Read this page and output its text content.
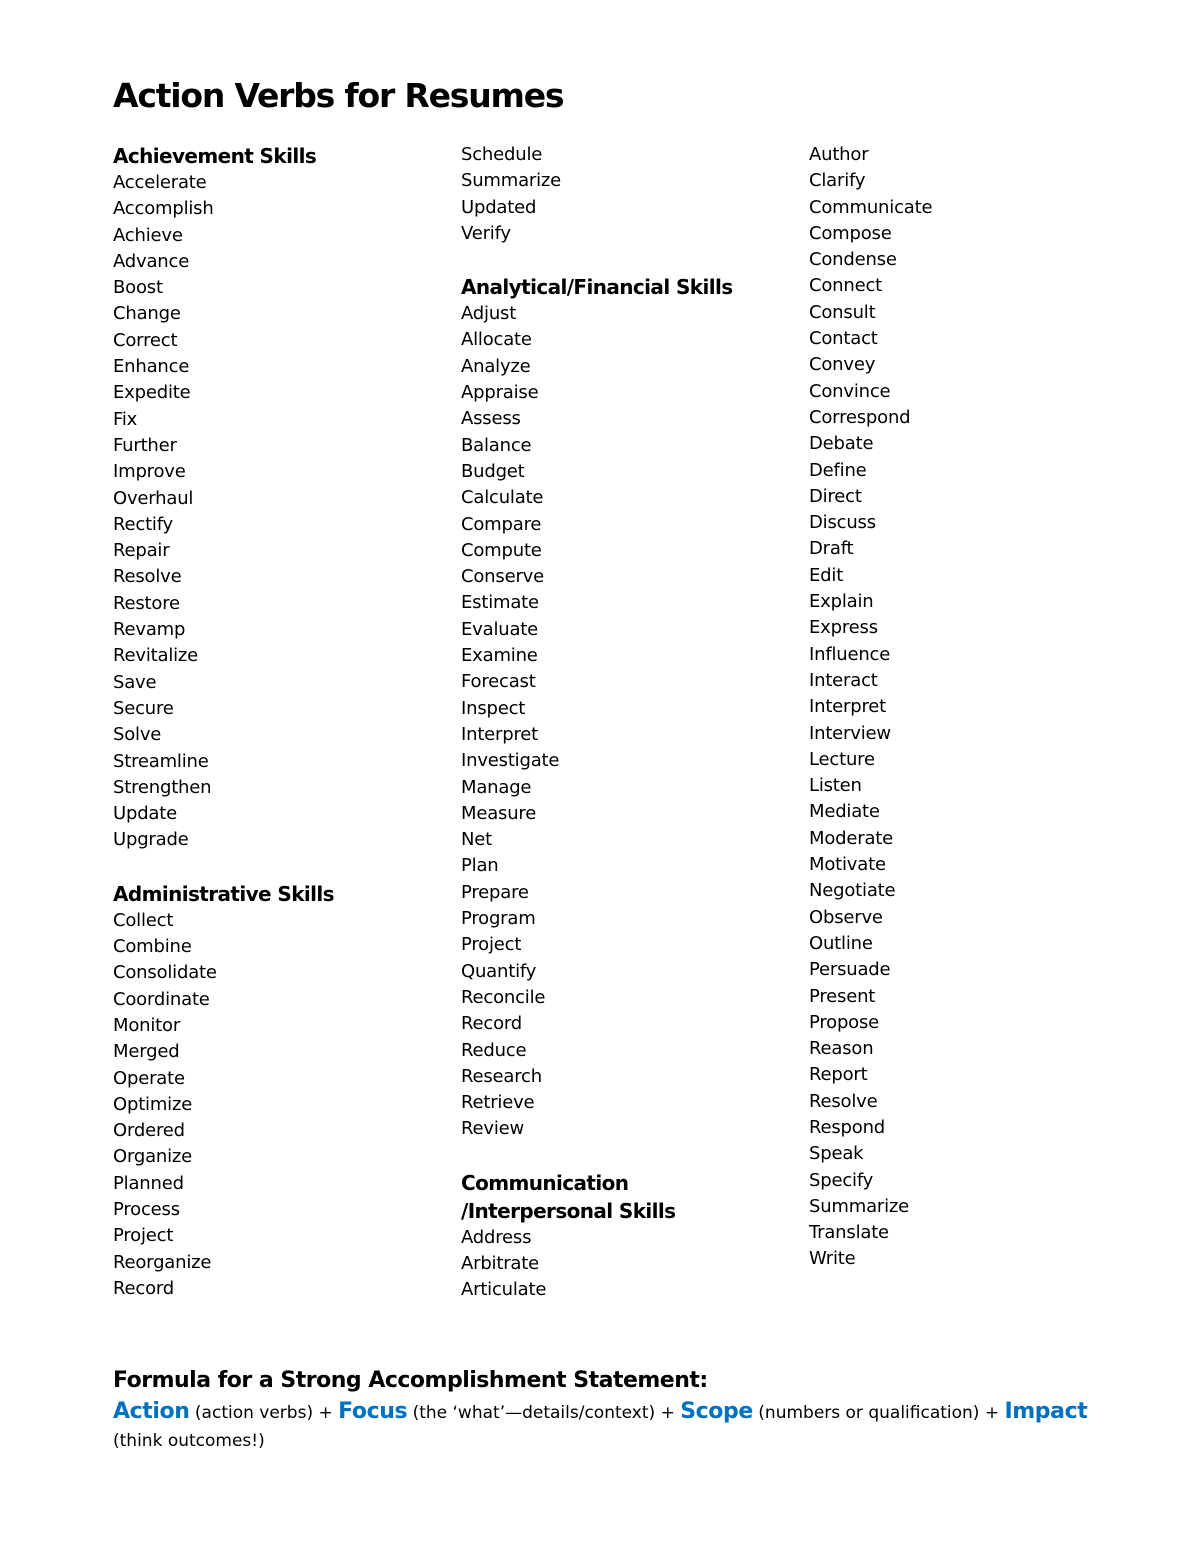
Action Verbs for Resumes
Achievement Skills
Accelerate
Accomplish
Achieve
Advance
Boost
Change
Correct
Enhance
Expedite
Fix
Further
Improve
Overhaul
Rectify
Repair
Resolve
Restore
Revamp
Revitalize
Save
Secure
Solve
Streamline
Strengthen
Update
Upgrade
Administrative Skills
Collect
Combine
Consolidate
Coordinate
Monitor
Merged
Operate
Optimize
Ordered
Organize
Planned
Process
Project
Reorganize
Record
Schedule
Summarize
Updated
Verify
Analytical/Financial Skills
Adjust
Allocate
Analyze
Appraise
Assess
Balance
Budget
Calculate
Compare
Compute
Conserve
Estimate
Evaluate
Examine
Forecast
Inspect
Interpret
Investigate
Manage
Measure
Net
Plan
Prepare
Program
Project
Quantify
Reconcile
Record
Reduce
Research
Retrieve
Review
Communication
/Interpersonal Skills
Address
Arbitrate
Articulate
Author
Clarify
Communicate
Compose
Condense
Connect
Consult
Contact
Convey
Convince
Correspond
Debate
Define
Direct
Discuss
Draft
Edit
Explain
Express
Influence
Interact
Interpret
Interview
Lecture
Listen
Mediate
Moderate
Motivate
Negotiate
Observe
Outline
Persuade
Present
Propose
Reason
Report
Resolve
Respond
Speak
Specify
Summarize
Translate
Write

Formula for a Strong Accomplishment Statement:

Action (action verbs) + Focus (the ‘what’—details/context) + Scope (numbers or qualification) + Impact (think outcomes!)
